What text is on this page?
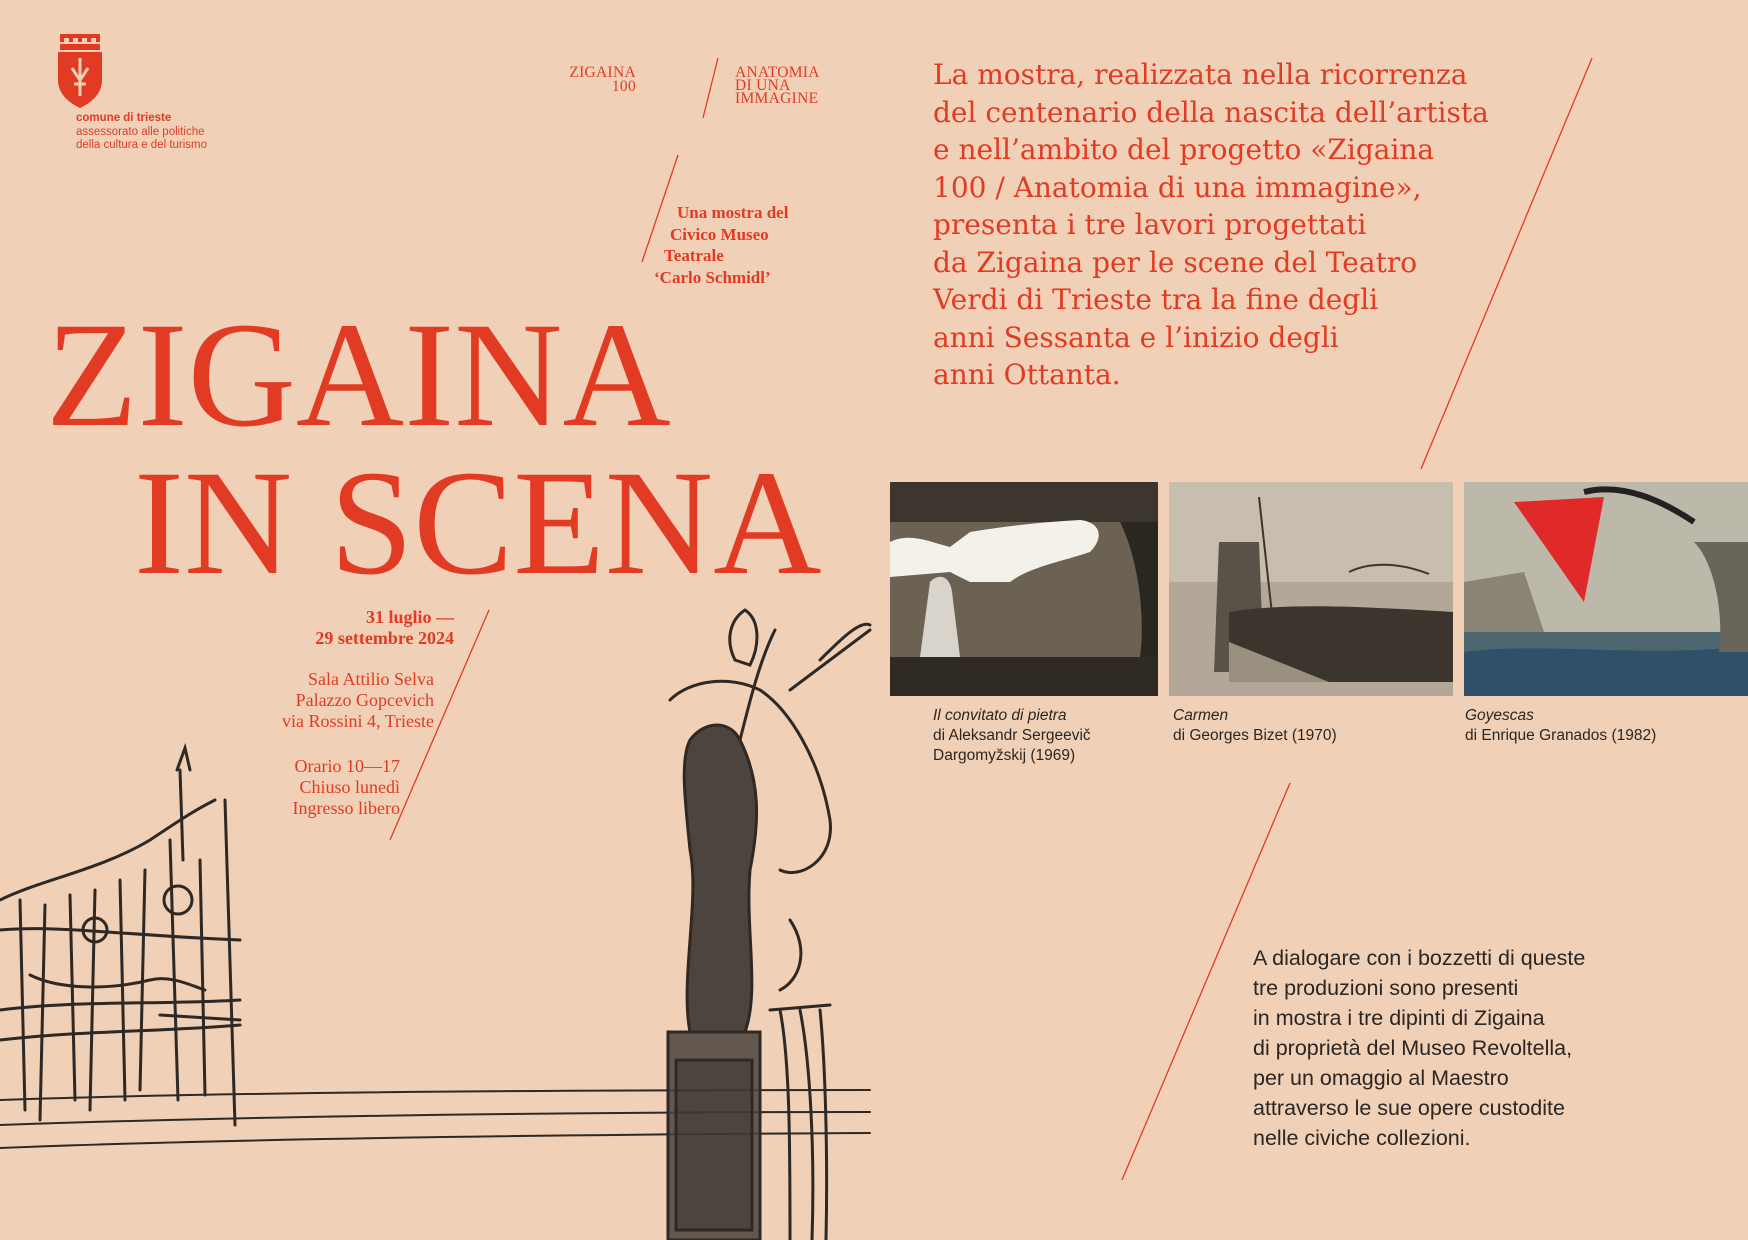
comune di trieste
assessorato alle politiche
della cultura e del turismo
ZIGAINA
100
ANATOMIA
DI UNA
IMMAGINE
Una mostra del
Civico Museo
Teatrale
‘Carlo Schmidl’
ZIGAINA
IN SCENA
31 luglio —
29 settembre 2024
Sala Attilio Selva
Palazzo Gopcevich
via Rossini 4, Trieste
Orario 10—17
Chiuso lunedì
Ingresso libero
La mostra, realizzata nella ricorrenza
del centenario della nascita dell’artista
e nell’ambito del progetto «Zigaina
100 / Anatomia di una immagine»,
presenta i tre lavori progettati
da Zigaina per le scene del Teatro
Verdi di Trieste tra la fine degli
anni Sessanta e l’inizio degli
anni Ottanta.
Il convitato di pietra
di Aleksandr Sergeevič
Dargomyžskij (1969)
Carmen
di Georges Bizet (1970)
Goyescas
di Enrique Granados (1982)
A dialogare con i bozzetti di queste
tre produzioni sono presenti
in mostra i tre dipinti di Zigaina
di proprietà del Museo Revoltella,
per un omaggio al Maestro
attraverso le sue opere custodite
nelle civiche collezioni.
